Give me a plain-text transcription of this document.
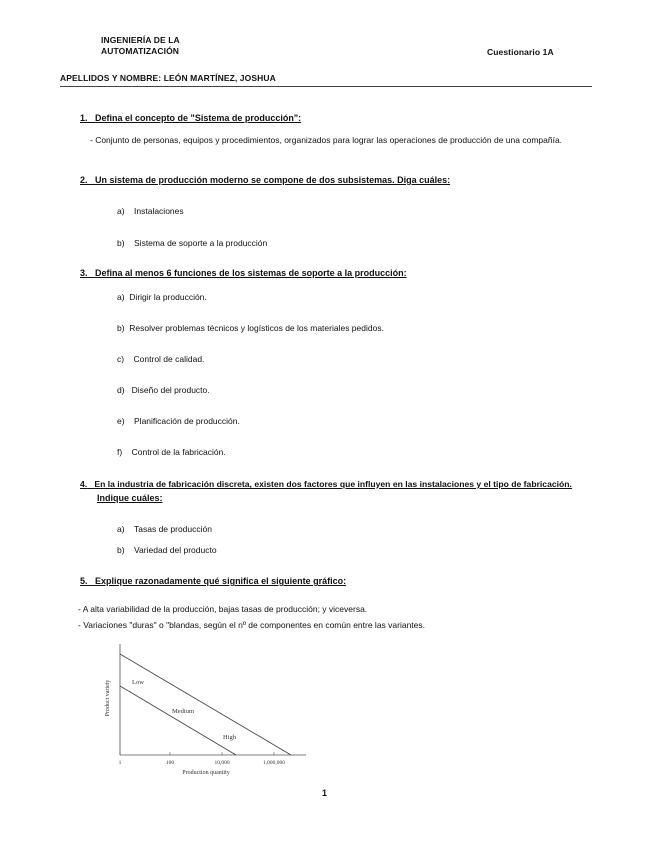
INGENIERÍA DE LA
AUTOMATIZACIÓN	Cuestionario 1A
APELLIDOS Y NOMBRE: LEÓN MARTÍNEZ, JOSHUA
1. Defina el concepto de "Sistema de producción":
- Conjunto de personas, equipos y procedimientos, organizados para lograr las operaciones de producción de una compañía.
2. Un sistema de producción moderno se compone de dos subsistemas. Diga cuáles:
a) Instalaciones
b) Sistema de soporte a la producción
3. Defina al menos 6 funciones de los sistemas de soporte a la producción:
a) Dirigir la producción.
b) Resolver problemas técnicos y logísticos de los materiales pedidos.
c) Control de calidad.
d) Diseño del producto.
e) Planificación de producción.
f) Control de la fabricación.
4. En la industria de fabricación discreta, existen dos factores que influyen en las instalaciones y el tipo de fabricación.
Indique cuáles:
a) Tasas de producción
b) Variedad del producto
5. Explique razonadamente qué significa el siguiente gráfico:
- A alta variabilidad de la producción, bajas tasas de producción; y viceversa.
- Variaciones "duras" o "blandas, según el nº de componentes en común entre las variantes.
Low
Medium
High
1	100	10,000	1,000,000
Production quantity
Product variety
1
